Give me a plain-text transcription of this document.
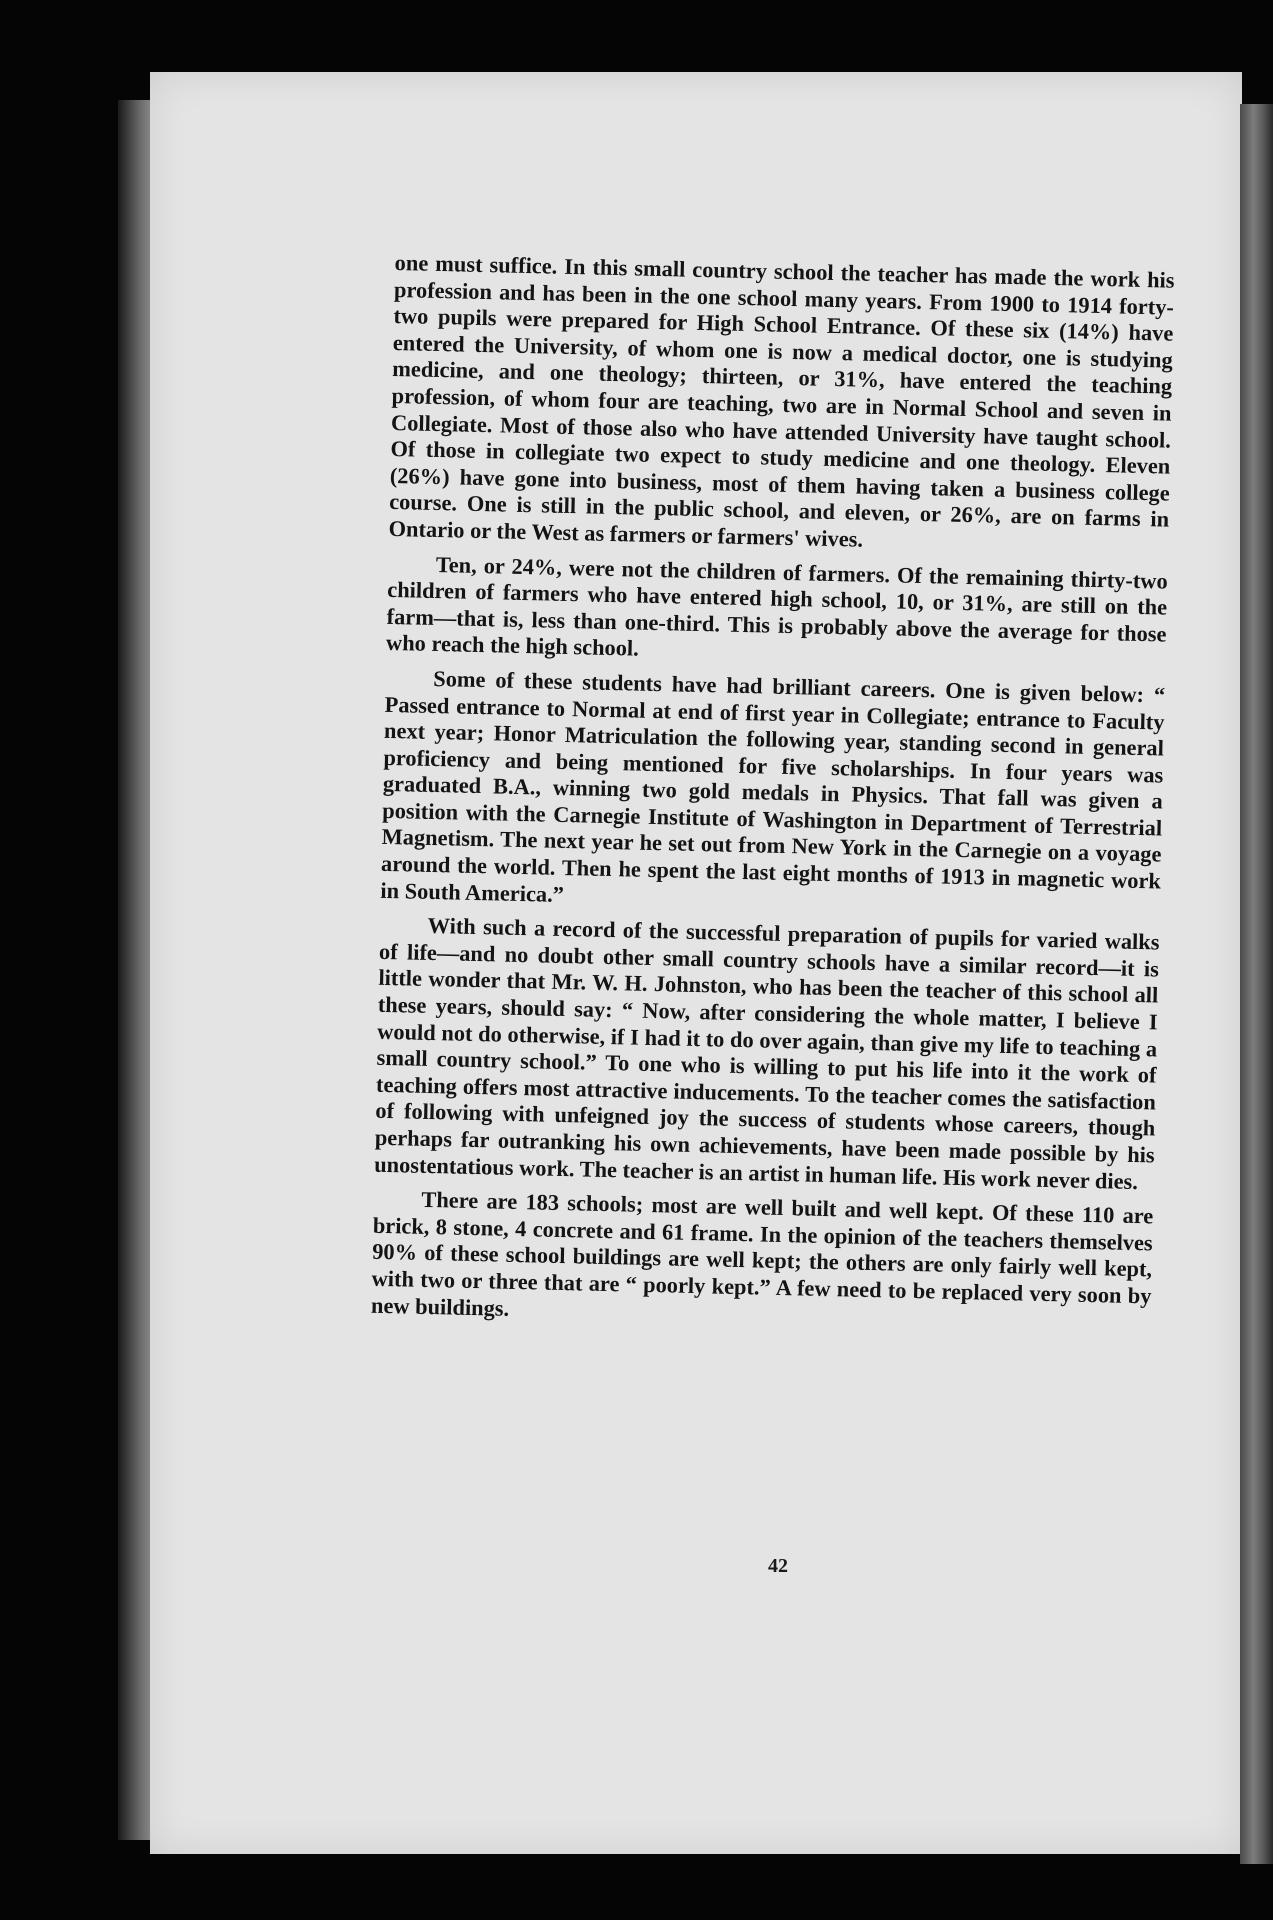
one must suffice. In this small country school the teacher has made the work his profession and has been in the one school many years. From 1900 to 1914 forty-two pupils were prepared for High School Entrance. Of these six (14%) have entered the University, of whom one is now a medical doctor, one is studying medicine, and one theology; thirteen, or 31%, have entered the teaching profession, of whom four are teaching, two are in Normal School and seven in Collegiate. Most of those also who have attended University have taught school. Of those in collegiate two expect to study medicine and one theology. Eleven (26%) have gone into business, most of them having taken a business college course. One is still in the public school, and eleven, or 26%, are on farms in Ontario or the West as farmers or farmers' wives.

Ten, or 24%, were not the children of farmers. Of the remaining thirty-two children of farmers who have entered high school, 10, or 31%, are still on the farm—that is, less than one-third. This is probably above the average for those who reach the high school.

Some of these students have had brilliant careers. One is given below: “ Passed entrance to Normal at end of first year in Collegiate; entrance to Faculty next year; Honor Matriculation the following year, standing second in general proficiency and being mentioned for five scholarships. In four years was graduated B.A., winning two gold medals in Physics. That fall was given a position with the Carnegie Institute of Washington in Department of Terrestrial Magnetism. The next year he set out from New York in the Carnegie on a voyage around the world. Then he spent the last eight months of 1913 in magnetic work in South America.”

With such a record of the successful preparation of pupils for varied walks of life—and no doubt other small country schools have a similar record—it is little wonder that Mr. W. H. Johnston, who has been the teacher of this school all these years, should say: “ Now, after considering the whole matter, I believe I would not do otherwise, if I had it to do over again, than give my life to teaching a small country school.” To one who is willing to put his life into it the work of teaching offers most attractive inducements. To the teacher comes the satisfaction of following with unfeigned joy the success of students whose careers, though perhaps far outranking his own achievements, have been made possible by his unostentatious work. The teacher is an artist in human life. His work never dies.

There are 183 schools; most are well built and well kept. Of these 110 are brick, 8 stone, 4 concrete and 61 frame. In the opinion of the teachers themselves 90% of these school buildings are well kept; the others are only fairly well kept, with two or three that are “ poorly kept.” A few need to be replaced very soon by new buildings.

42
